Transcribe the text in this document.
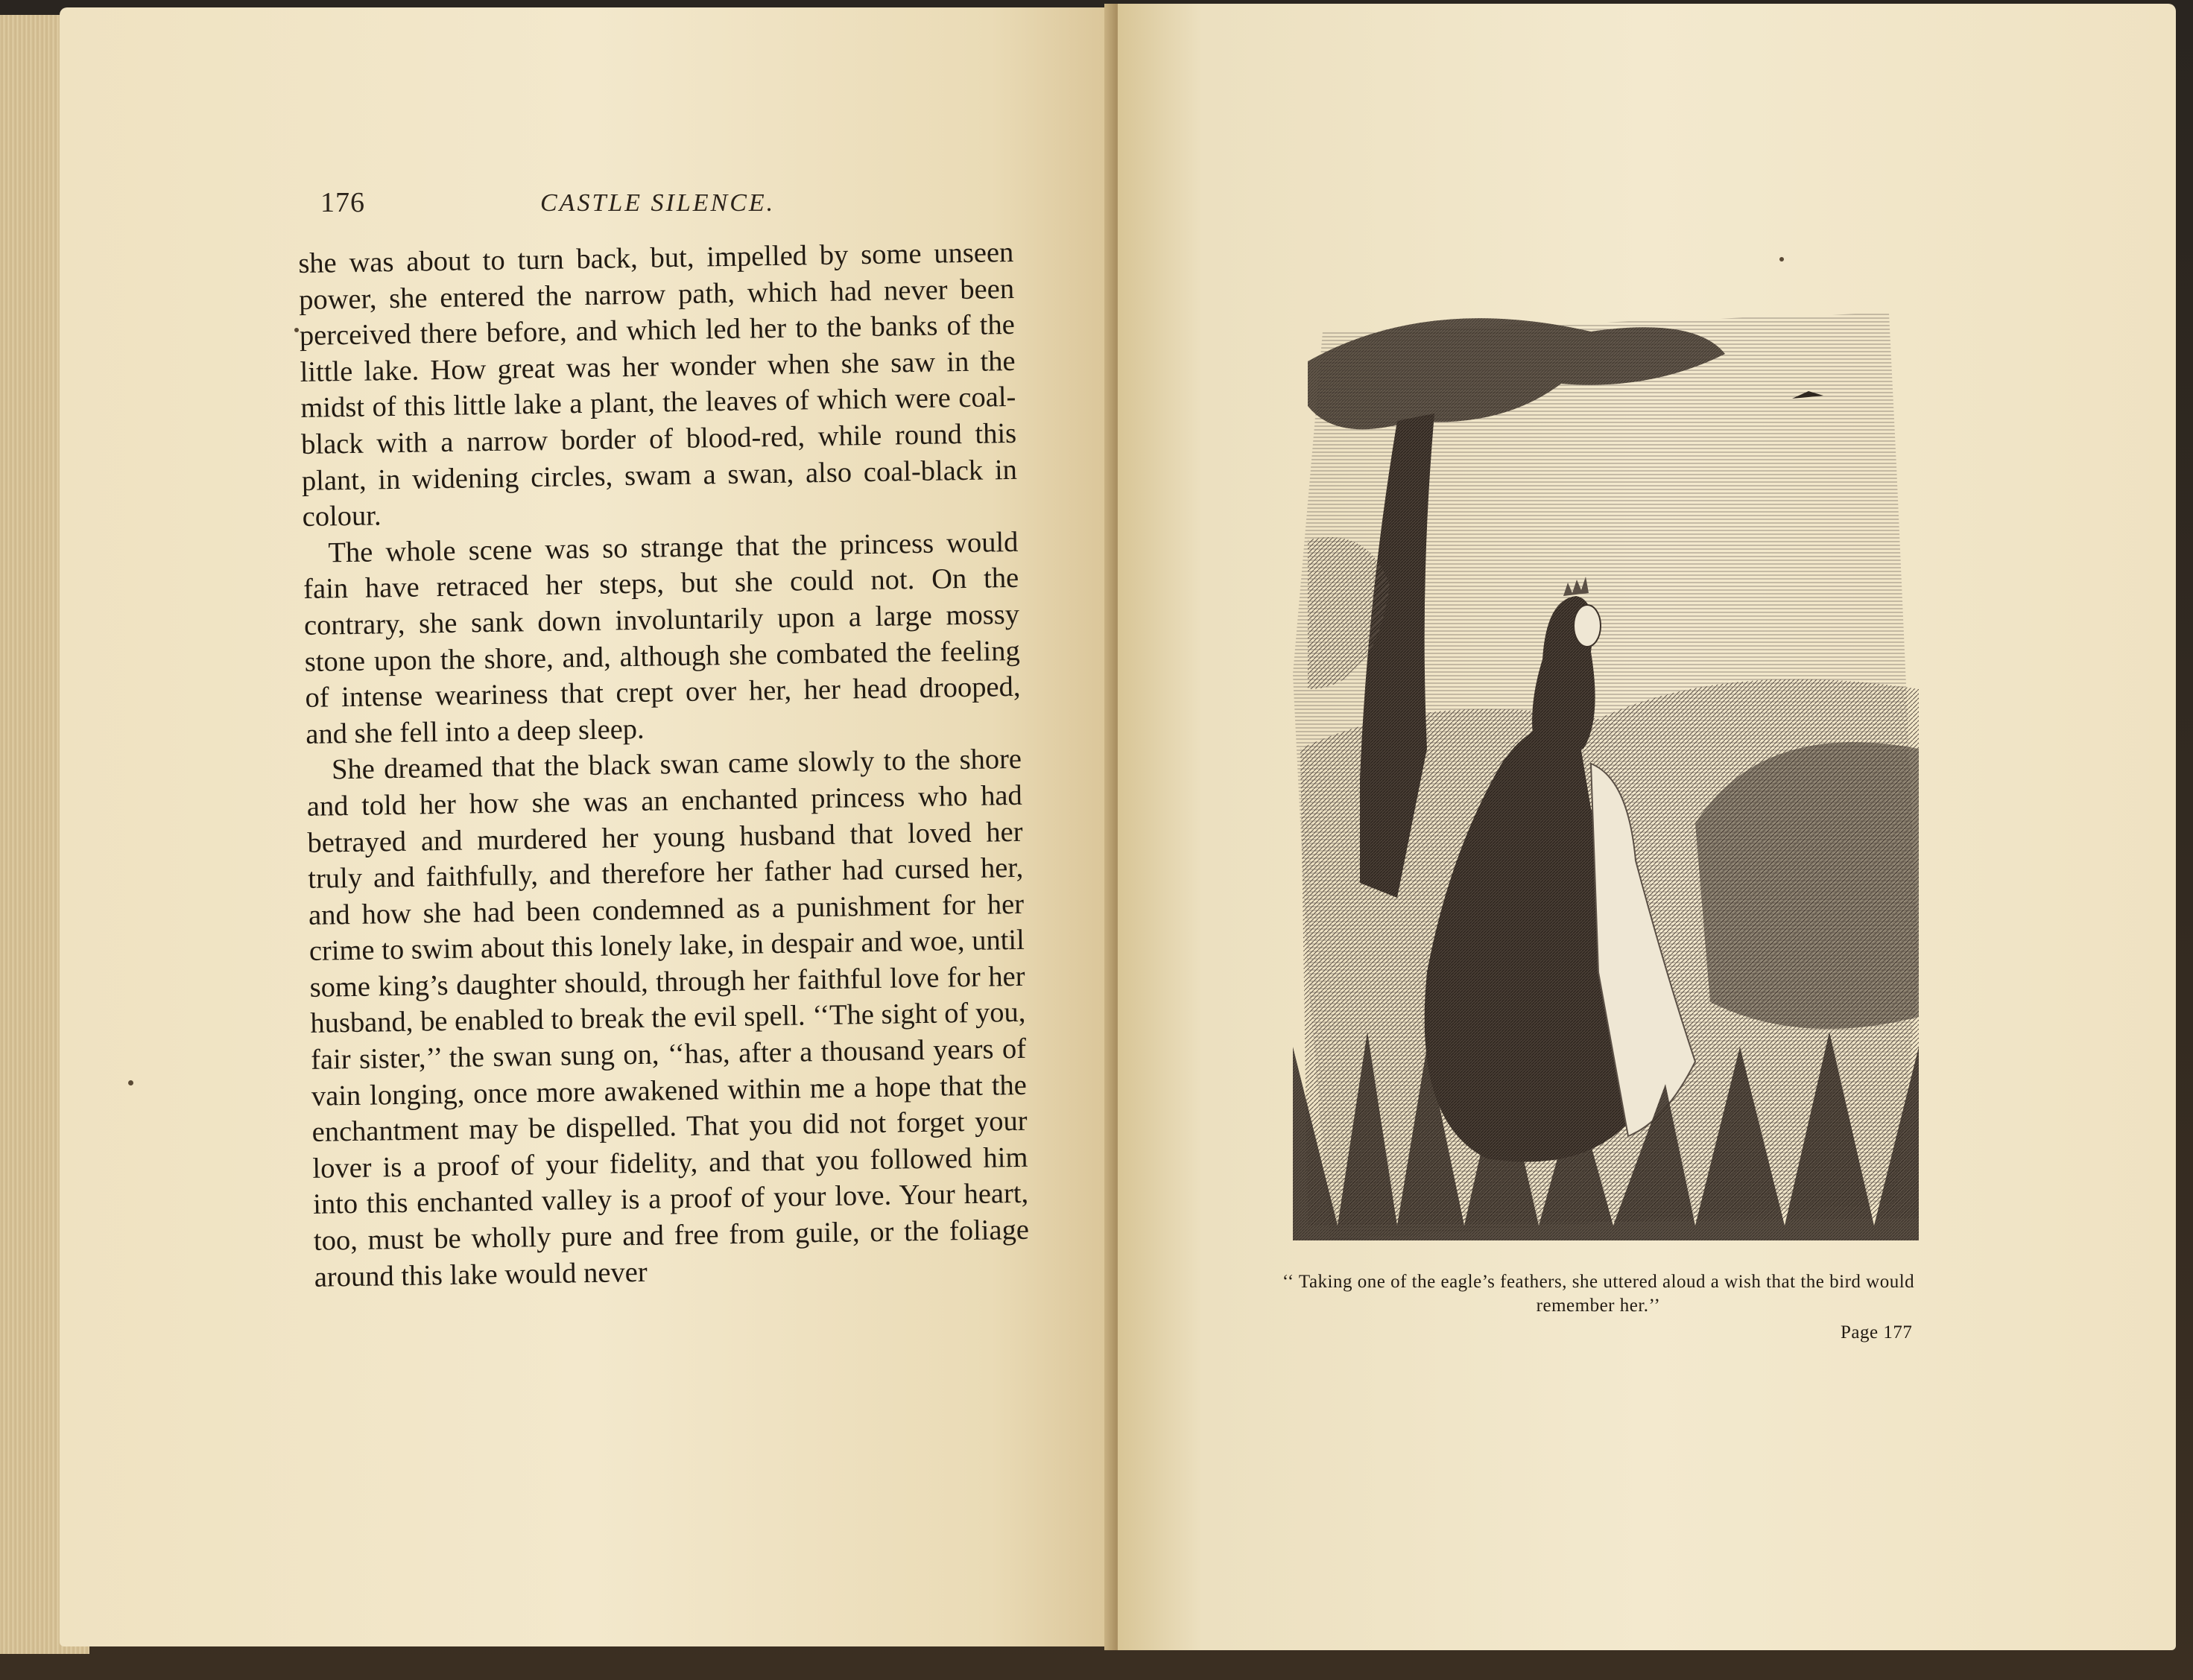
176	CASTLE SILENCE.

she was about to turn back, but, impelled by some unseen power, she entered the narrow path, which had never been perceived there before, and which led her to the banks of the little lake. How great was her wonder when she saw in the midst of this little lake a plant, the leaves of which were coal-black with a narrow border of blood-red, while round this plant, in widening circles, swam a swan, also coal-black in colour.

The whole scene was so strange that the princess would fain have retraced her steps, but she could not. On the contrary, she sank down involuntarily upon a large mossy stone upon the shore, and, although she combated the feeling of intense weariness that crept over her, her head drooped, and she fell into a deep sleep.

She dreamed that the black swan came slowly to the shore and told her how she was an enchanted princess who had betrayed and murdered her young husband that loved her truly and faithfully, and therefore her father had cursed her, and how she had been condemned as a punishment for her crime to swim about this lonely lake, in despair and woe, until some king’s daughter should, through her faithful love for her husband, be enabled to break the evil spell. ‘‘The sight of you, fair sister,’’ the swan sung on, ‘‘has, after a thousand years of vain longing, once more awakened within me a hope that the enchantment may be dispelled. That you did not forget your lover is a proof of your fidelity, and that you followed him into this enchanted valley is a proof of your love. Your heart, too, must be wholly pure and free from guile, or the foliage around this lake would never	‘‘ Taking one of the eagle’s feathers, she uttered aloud a wish that the bird would remember her.’’
Page 177
